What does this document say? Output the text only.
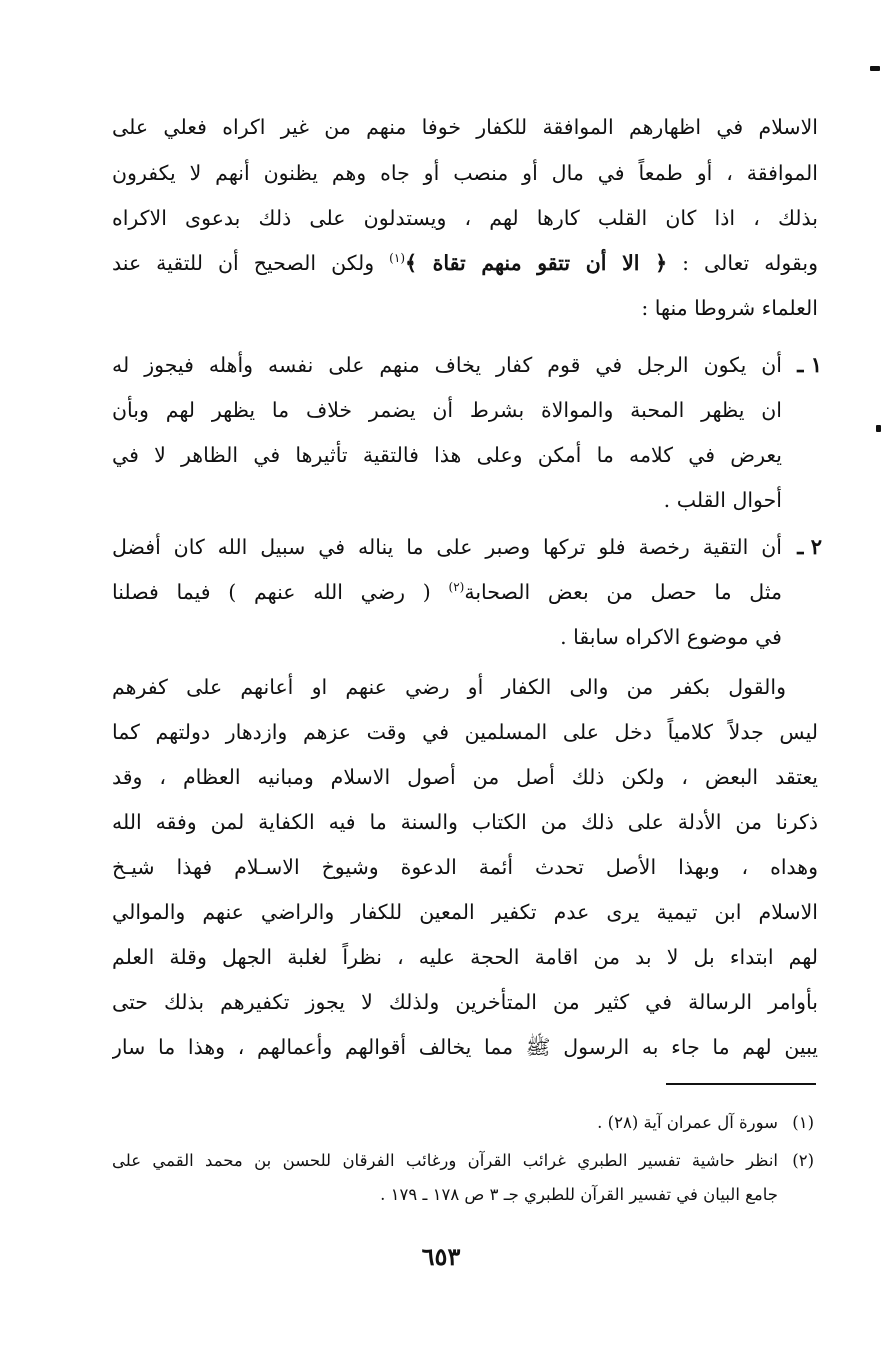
الاسلام في اظهارهم الموافقة للكفار خوفا منهم من غير اكراه فعلي على
الموافقة ، أو طمعاً في مال أو منصب أو جاه وهم يظنون أنهم لا يكفرون
بذلك ، اذا كان القلب كارها لهم ، ويستدلون على ذلك بدعوى الاكراه
وبقوله تعالى : ﴿ الا أن تتقو منهم تقاة ﴾$^{(١)}$ ولكن الصحيح أن للتقية عند
العلماء شروطا منها :
١ ـ
أن يكون الرجل في قوم كفار يخاف منهم على نفسه وأهله فيجوز له
ان يظهر المحبة والموالاة بشرط أن يضمر خلاف ما يظهر لهم وبأن
يعرض في كلامه ما أمكن وعلى هذا فالتقية تأثيرها في الظاهر لا في
أحوال القلب .
٢ ـ
أن التقية رخصة فلو تركها وصبر على ما يناله في سبيل الله كان أفضل
مثل ما حصل من بعض الصحابة$^{(٢)}$ ( رضي الله عنهم ) فيما فصلنا
في موضوع الاكراه سابقا .
والقول بكفر من والى الكفار أو رضي عنهم او أعانهم على كفرهم
ليس جدلاً كلامياً دخل على المسلمين في وقت عزهم وازدهار دولتهم كما
يعتقد البعض ، ولكن ذلك أصل من أصول الاسلام ومبانيه العظام ، وقد
ذكرنا من الأدلة على ذلك من الكتاب والسنة ما فيه الكفاية لمن وفقه الله
وهداه ، وبهذا الأصل تحدث أئمة الدعوة وشيوخ الاسـلام فهذا شيـخ
الاسلام ابن تيمية يرى عدم تكفير المعين للكفار والراضي عنهم والموالي
لهم ابتداء بل لا بد من اقامة الحجة عليه ، نظراً لغلبة الجهل وقلة العلم
بأوامر الرسالة في كثير من المتأخرين ولذلك لا يجوز تكفيرهم بذلك حتى
يبين لهم ما جاء به الرسول ﷺ مما يخالف أقوالهم وأعمالهم ، وهذا ما سار
(١)
سورة آل عمران آية (٢٨) .
(٢)
انظر حاشية تفسير الطبري غرائب القرآن ورغائب الفرقان للحسن بن محمد القمي على
جامع البيان في تفسير القرآن للطبري جـ ٣ ص ١٧٨ ـ ١٧٩ .
٦٥٣
